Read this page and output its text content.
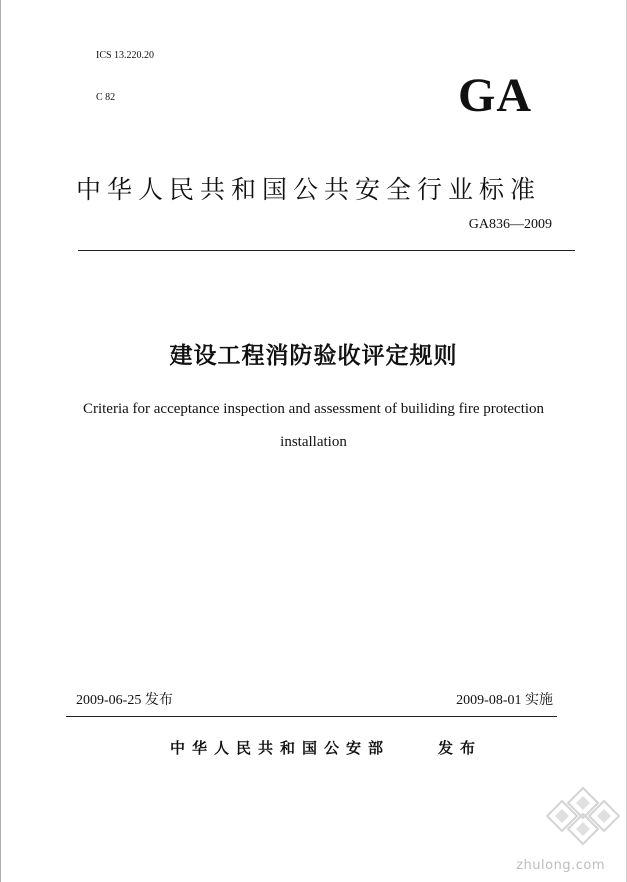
ICS 13.220.20
C 82	GA
中华人民共和国公共安全行业标准
GA836—2009
建设工程消防验收评定规则
Criteria for acceptance inspection and assessment of builiding fire protection
installation
2009-06-25 发布	2009-08-01 实施
中华人民共和国公安部	发布
zhulong.com
